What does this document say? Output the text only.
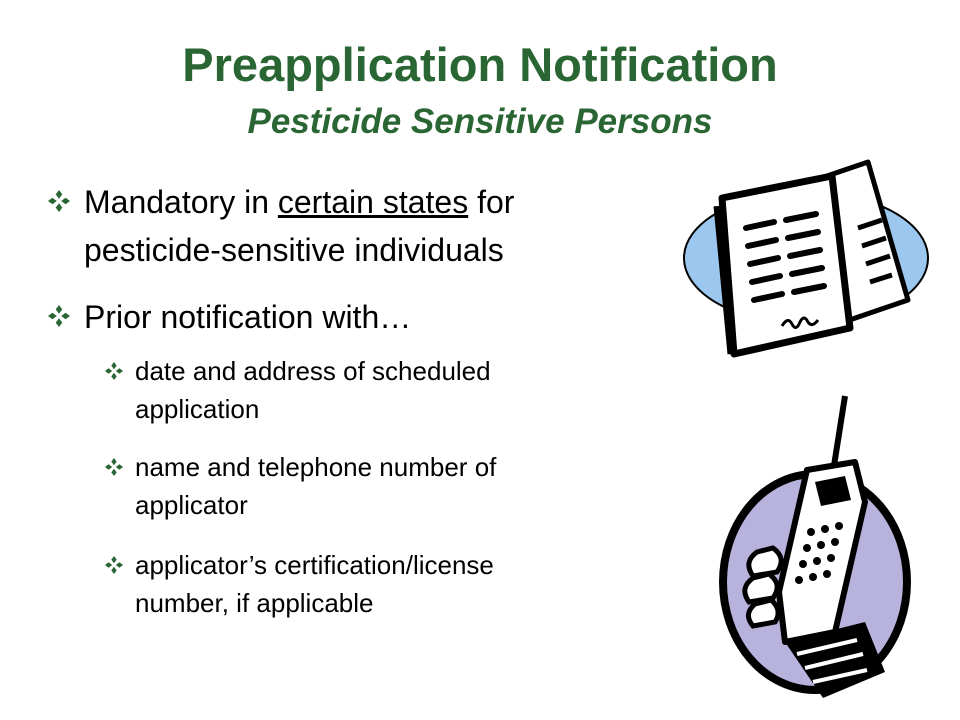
Preapplication Notification
Pesticide Sensitive Persons
Mandatory in certain states for
pesticide-sensitive individuals
Prior notification with…
date and address of scheduled
application
name and telephone number of
applicator
applicator’s certification/license
number, if applicable
